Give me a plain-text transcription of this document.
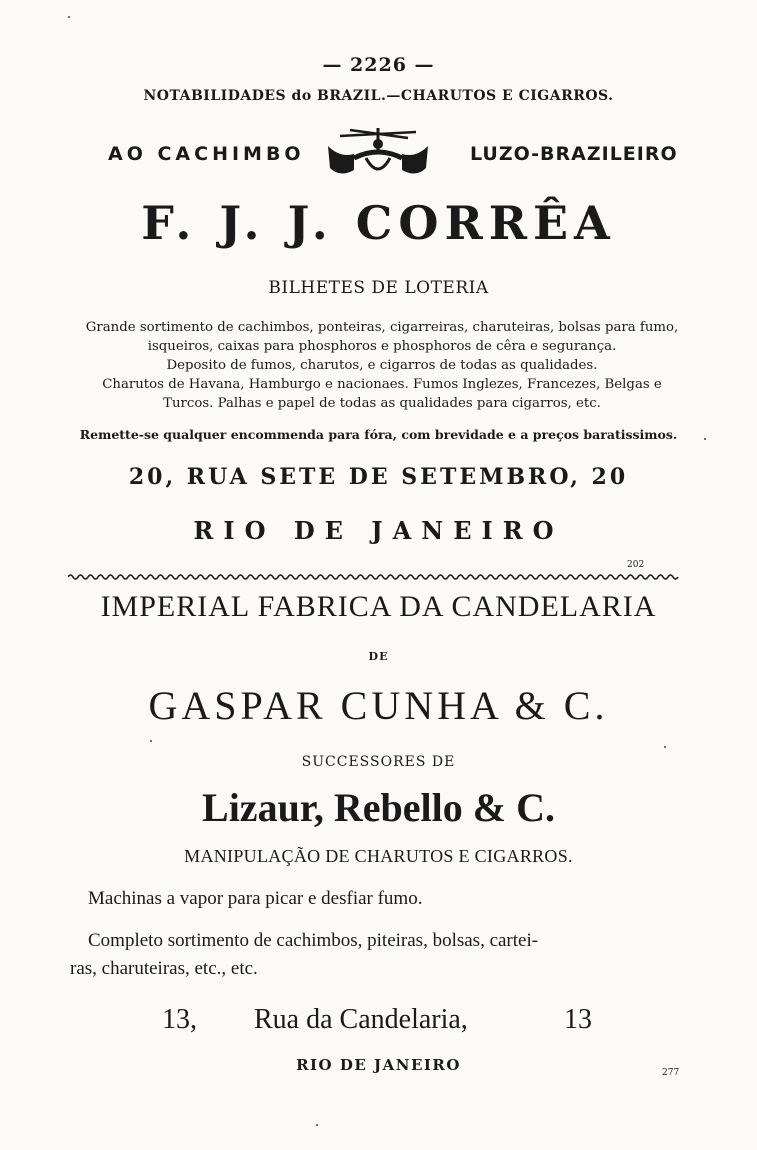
— 2226 —
NOTABILIDADES do BRAZIL.—CHARUTOS E CIGARROS.
AO CACHIMBO	LUZO-BRAZILEIRO
F. J. J. CORRÊA
BILHETES DE LOTERIA
Grande sortimento de cachimbos, ponteiras, cigarreiras, charuteiras, bolsas para fumo,
isqueiros, caixas para phosphoros e phosphoros de cêra e segurança.
Deposito de fumos, charutos, e cigarros de todas as qualidades.
Charutos de Havana, Hamburgo e nacionaes. Fumos Inglezes, Francezes, Belgas e
Turcos. Palhas e papel de todas as qualidades para cigarros, etc.
Remette-se qualquer encommenda para fóra, com brevidade e a preços baratissimos.
20, RUA SETE DE SETEMBRO, 20
RIO DE JANEIRO
202
IMPERIAL FABRICA DA CANDELARIA
DE
GASPAR CUNHA & C.
SUCCESSORES DE
Lizaur, Rebello & C.
MANIPULAÇÃO DE CHARUTOS E CIGARROS.
Machinas a vapor para picar e desfiar fumo.
Completo sortimento de cachimbos, piteiras, bolsas, cartei-
ras, charuteiras, etc., etc.
13, Rua da Candelaria,	13
RIO DE JANEIRO	277
